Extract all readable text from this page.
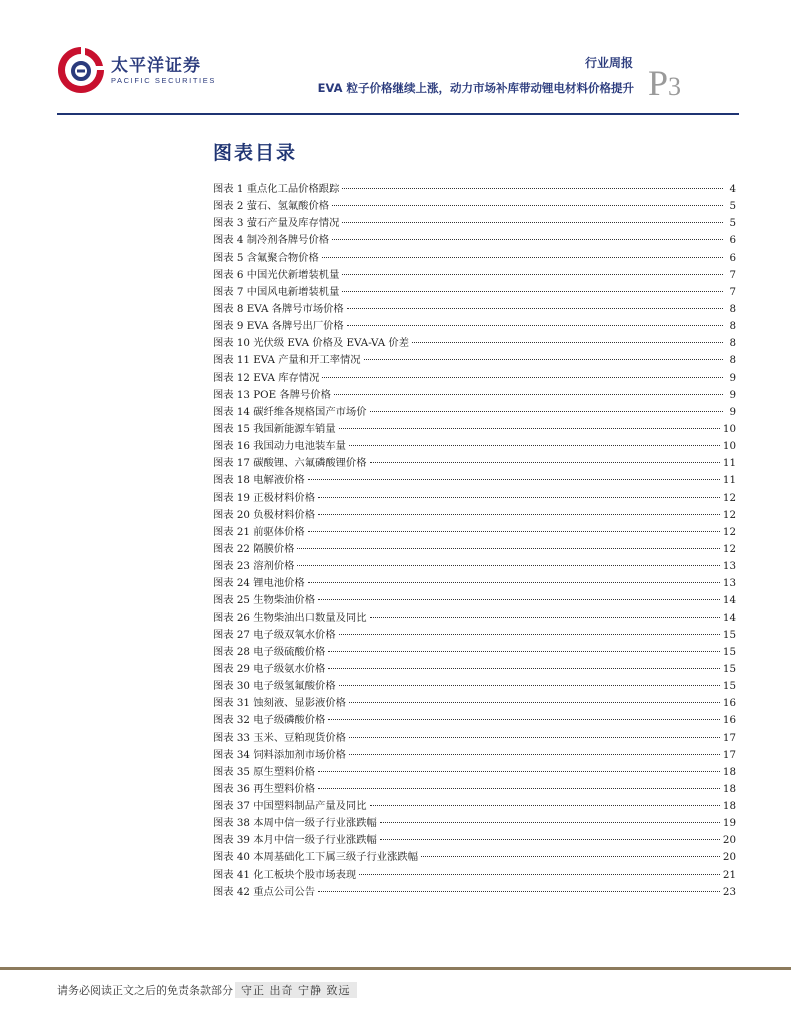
太平洋证券
PACIFIC SECURITIES
行业周报
EVA 粒子价格继续上涨，动力市场补库带动锂电材料价格提升 P3
图表目录
图表 1 重点化工品价格跟踪	4
图表 2 萤石、氢氟酸价格	5
图表 3 萤石产量及库存情况	5
图表 4 制冷剂各牌号价格	6
图表 5 含氟聚合物价格	6
图表 6 中国光伏新增装机量	7
图表 7 中国风电新增装机量	7
图表 8 EVA 各牌号市场价格	8
图表 9 EVA 各牌号出厂价格	8
图表 10 光伏级 EVA 价格及 EVA-VA 价差	8
图表 11 EVA 产量和开工率情况	8
图表 12 EVA 库存情况	9
图表 13 POE 各牌号价格	9
图表 14 碳纤维各规格国产市场价	9
图表 15 我国新能源车销量	10
图表 16 我国动力电池装车量	10
图表 17 碳酸锂、六氟磷酸锂价格	11
图表 18 电解液价格	11
图表 19 正极材料价格	12
图表 20 负极材料价格	12
图表 21 前驱体价格	12
图表 22 隔膜价格	12
图表 23 溶剂价格	13
图表 24 锂电池价格	13
图表 25 生物柴油价格	14
图表 26 生物柴油出口数量及同比	14
图表 27 电子级双氧水价格	15
图表 28 电子级硫酸价格	15
图表 29 电子级氨水价格	15
图表 30 电子级氢氟酸价格	15
图表 31 蚀刻液、显影液价格	16
图表 32 电子级磷酸价格	16
图表 33 玉米、豆粕现货价格	17
图表 34 饲料添加剂市场价格	17
图表 35 原生塑料价格	18
图表 36 再生塑料价格	18
图表 37 中国塑料制品产量及同比	18
图表 38 本周中信一级子行业涨跌幅	19
图表 39 本月中信一级子行业涨跌幅	20
图表 40 本周基础化工下属三级子行业涨跌幅	20
图表 41 化工板块个股市场表现	21
图表 42 重点公司公告	23
请务必阅读正文之后的免责条款部分 守正 出奇 宁静 致远
